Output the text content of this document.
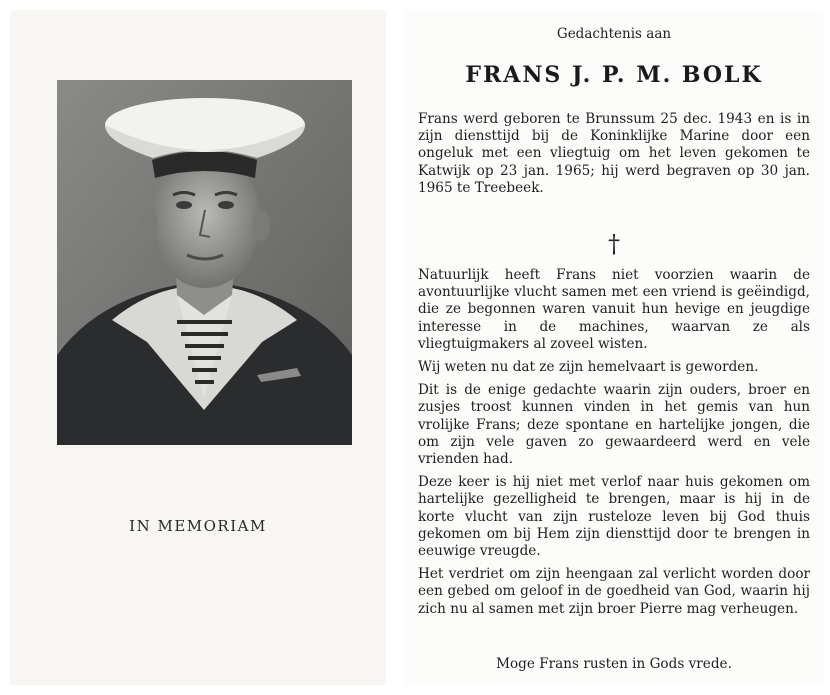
IN MEMORIAM
Gedachtenis aan
FRANS J. P. M. BOLK

Frans werd geboren te Brunssum 25 dec. 1943 en is in zijn diensttijd bij de Koninklijke Marine door een ongeluk met een vliegtuig om het leven gekomen te Katwijk op 23 jan. 1965; hij werd begraven op 30 jan. 1965 te Treebeek.

†

Natuurlijk heeft Frans niet voorzien waarin de avontuurlijke vlucht samen met een vriend is geëindigd, die ze begonnen waren vanuit hun hevige en jeugdige interesse in de machines, waarvan ze als vliegtuigmakers al zoveel wisten.

Wij weten nu dat ze zijn hemelvaart is geworden.

Dit is de enige gedachte waarin zijn ouders, broer en zusjes troost kunnen vinden in het gemis van hun vrolijke Frans; deze spontane en hartelijke jongen, die om zijn vele gaven zo gewaardeerd werd en vele vrienden had.

Deze keer is hij niet met verlof naar huis gekomen om hartelijke gezelligheid te brengen, maar is hij in de korte vlucht van zijn rusteloze leven bij God thuis gekomen om bij Hem zijn diensttijd door te brengen in eeuwige vreugde.

Het verdriet om zijn heengaan zal verlicht worden door een gebed om geloof in de goedheid van God, waarin hij zich nu al samen met zijn broer Pierre mag verheugen.

Moge Frans rusten in Gods vrede.
